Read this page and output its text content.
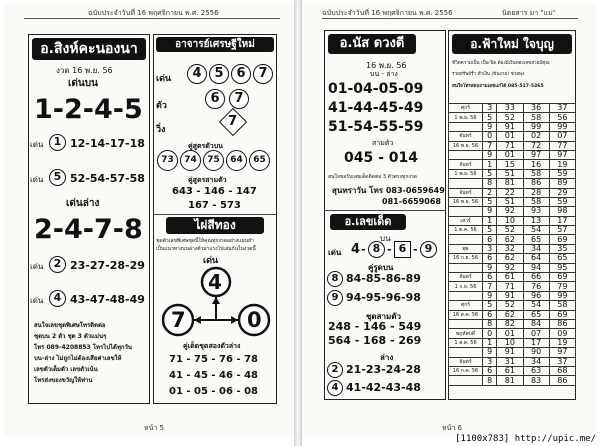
ฉบับประจำวันที่ 16 พฤศจิกายน พ.ศ. 2556
อ.สิงห์คะนองนา
งวด 16 พ.ย. 56
เด่นบน
1-2-4-5
เด่น 1 12-14-17-18
เด่น 5 52-54-57-58
เด่นล่าง
2-4-7-8
เด่น 2 23-27-28-29
เด่น 4 43-47-48-49
สนใจเลขชุดพิเศษโทรติดต่อ
ชุดบน 2 ตัว ชุด 3 ตัวแม่นๆ
โทร 089-4208853 โทรไปได้ทุกวัน
บน-ล่าง ไม่ถูกไม่ต้องเสียค่าเลขให้
เลขตัวเต็มตัว เลขตัวเน้น
โทรส่งของขวัญให้ท่าน
อาจารย์เศรษฐีใหม่
เด่น	4 5 6 7
ตัว	6	7
วิ่ง
7
คู่สูตรตัวบน
73	74	75	64	65
คู่สูตรสามตัว
643 - 146 - 147
167 - 573
ไผ่สีทอง
ชุดตัวเลขพิเศษชุดนี้ให้คุณทุกงวดอย่างแม่นยำ
เป็นแนวทางบนล่างตัวมาแรงไปเล่นกันในงวดนี้
เด่น
4
7	0
คู่เด็ดชุดสองตัวล่าง
71 - 75 - 76 - 78
41 - 45 - 46 - 48
01 - 05 - 06 - 08
หน้า 5
ฉบับประจำวันที่ 16 พฤศจิกายน พ.ศ. 2556	นิตยสาร มา "แม่"
หน้า 6
อ.นัส ดวงดี
16 พ.ย. 56
บน - ล่าง
01-04-05-09
41-44-45-49
51-54-55-59
สามตัว
045 - 014
สนใจขอรับเลขเด็ดติดต่อ 3 ตัวตรงทุกงวด
สุนทราวัน โทร 083-0659649
081-6659068
อ.เลขเด็ด
บน
เด่น 4 - 8 - 6 - 9
คู่รูดบน
8 84-85-86-89
9 94-95-96-98
ชุดสามตัว
248 - 146 - 549
564 - 168 - 269
ล่าง
2 21-23-24-28
4 41-42-43-48
อ.ฟ้าใหม่ ใจบุญ
ชีวิตความเป็น เป็น-ปิด ต้องมีเงินทองเลขสวยมีคุณ
รวยทรัพย์ร่ำ ทำเงิน (ขันงาม) ช่วยพุ่ง
สนใจโทรสอบถามเลขแก่ได้ 085-517-5365
ศุกร์	3	33	36	37
1 พ.ย. 56	5	52	58	56
	9	91	99	99
จันทร์	0	01	02	07
16 พ.ย. 56	7	71	72	77
	9	01	97	97
จันทร์	1	15	16	19
1 พ.ย. 56	5	51	58	59
	8	81	86	89
จันทร์	2	22	28	29
16 พ.ย. 56	5	51	58	59
	9	92	93	98
เสาร์	1	10	13	17
1 ต.ค. 56	5	52	54	57
	6	62	65	69
พุธ	3	32	34	35
16 ก.ย. 56	6	62	64	65
	9	92	94	95
จันทร์	6	61	66	69
1 ก.ย. 56	7	71	76	79
	9	91	96	99
ศุกร์	5	52	54	58
16 ส.ค. 56	6	62	65	69
	8	82	84	86
พฤหัสบดี	0	01	07	09
1 ส.ค. 56	1	10	17	19
	9	91	90	97
จันทร์	3	31	34	37
16 ก.ค. 56	6	61	63	68
	8	81	83	86
[1100x783] http://upic.me/
